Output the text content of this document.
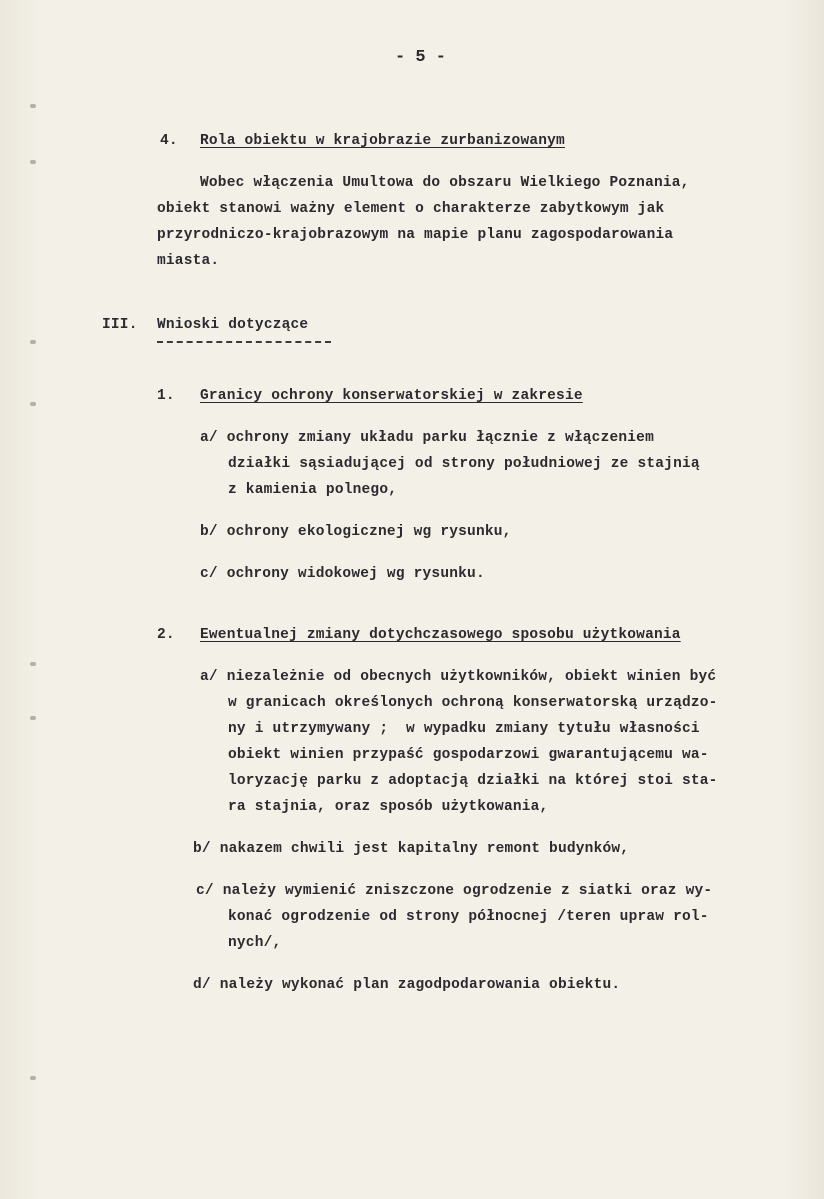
- 5 -
4. Rola obiektu w krajobrazie zurbanizowanym
Wobec włączenia Umultowa do obszaru Wielkiego Poznania,
obiekt stanowi ważny element o charakterze zabytkowym jak
przyrodniczo-krajobrazowym na mapie planu zagospodarowania
miasta.
III. Wnioski dotyczące
1. Granicy ochrony konserwatorskiej w zakresie
a/ ochrony zmiany układu parku łącznie z włączeniem
działki sąsiadującej od strony południowej ze stajnią
z kamienia polnego,
b/ ochrony ekologicznej wg rysunku,
c/ ochrony widokowej wg rysunku.
2. Ewentualnej zmiany dotychczasowego sposobu użytkowania
a/ niezależnie od obecnych użytkowników, obiekt winien być
w granicach określonych ochroną konserwatorską urządzo-
ny i utrzymywany ;  w wypadku zmiany tytułu własności
obiekt winien przypaść gospodarzowi gwarantującemu wa-
loryzację parku z adoptacją działki na której stoi sta-
ra stajnia, oraz sposób użytkowania,
b/ nakazem chwili jest kapitalny remont budynków,
c/ należy wymienić zniszczone ogrodzenie z siatki oraz wy-
konać ogrodzenie od strony północnej /teren upraw rol-
nych/,
d/ należy wykonać plan zagodpodarowania obiektu.
